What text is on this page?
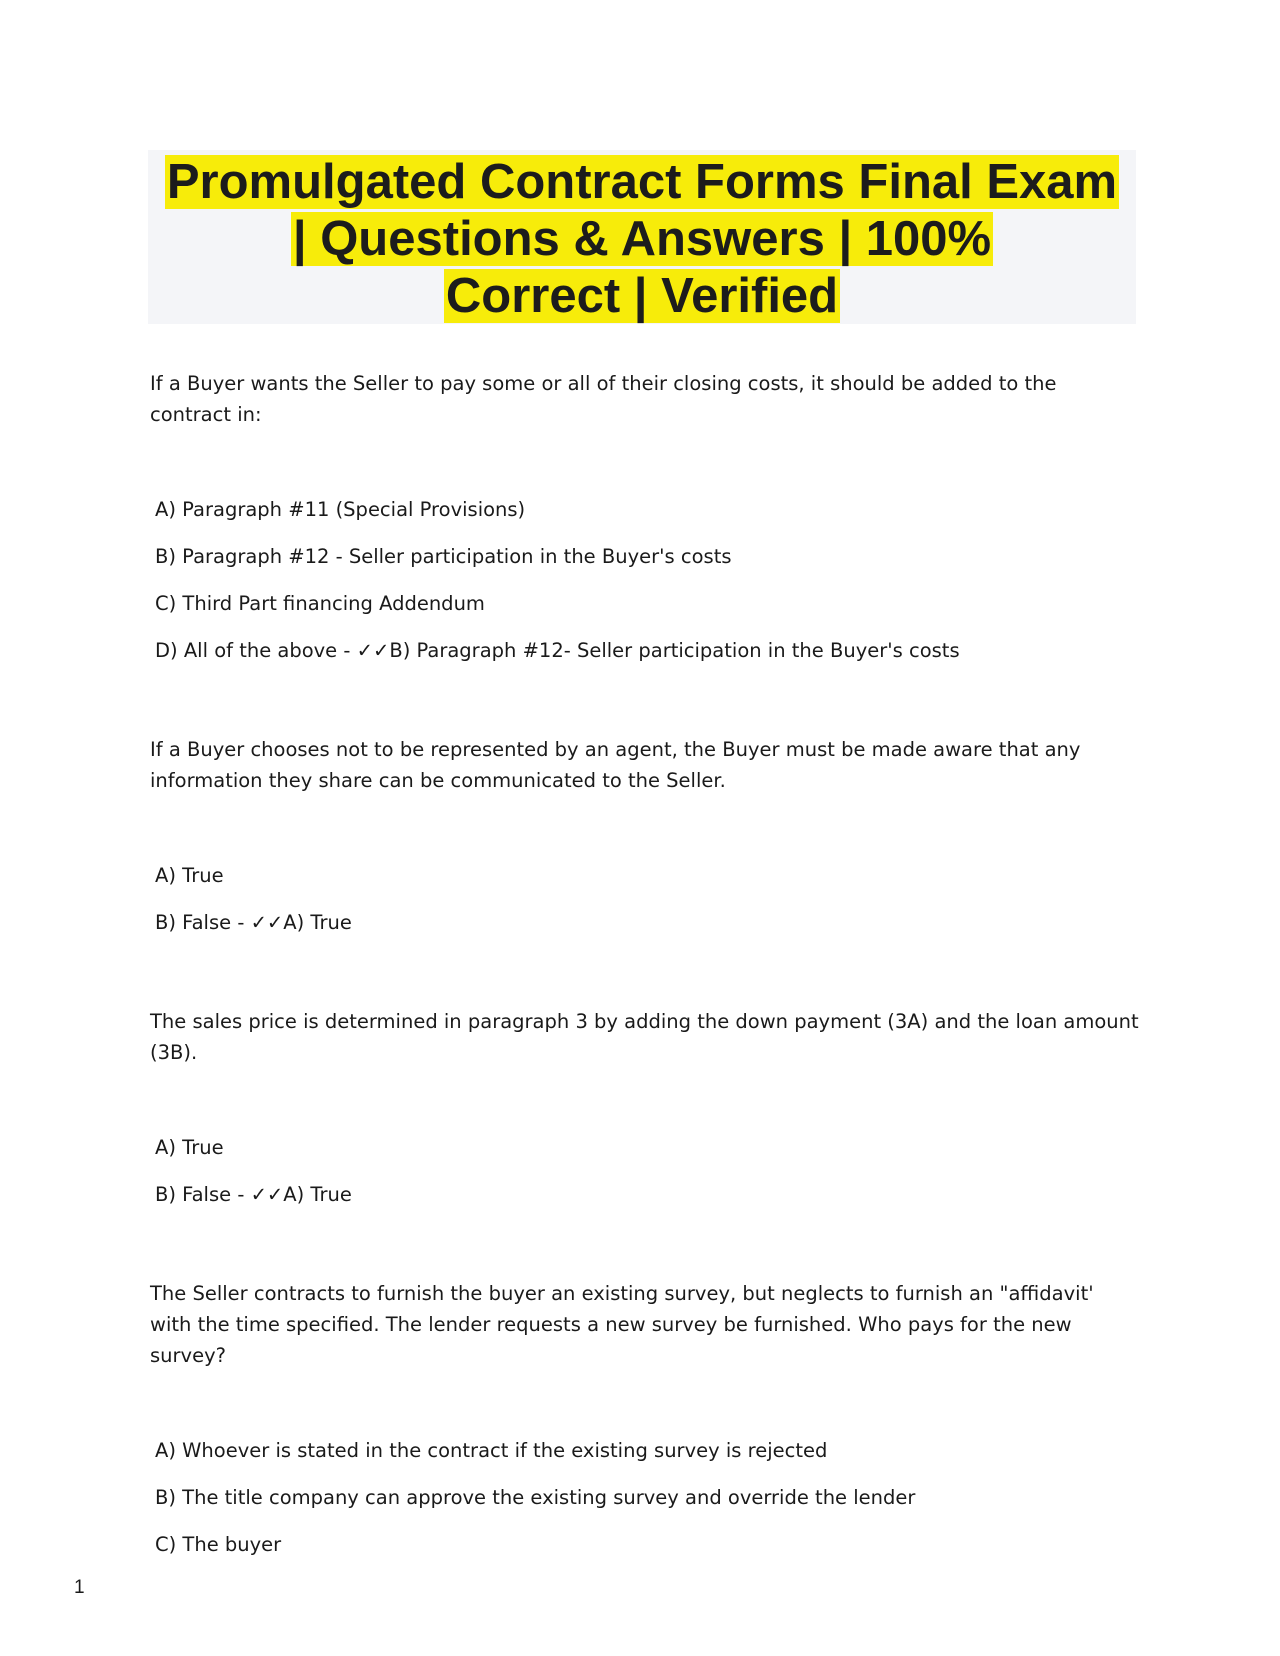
Promulgated Contract Forms Final Exam
| Questions & Answers | 100%
Correct | Verified

If a Buyer wants the Seller to pay some or all of their closing costs, it should be added to the contract in:

A) Paragraph #11 (Special Provisions)

B) Paragraph #12 - Seller participation in the Buyer's costs

C) Third Part financing Addendum

D) All of the above - ✓✓B) Paragraph #12- Seller participation in the Buyer's costs

If a Buyer chooses not to be represented by an agent, the Buyer must be made aware that any information they share can be communicated to the Seller.

A) True

B) False - ✓✓A) True

The sales price is determined in paragraph 3 by adding the down payment (3A) and the loan amount (3B).

A) True

B) False - ✓✓A) True

The Seller contracts to furnish the buyer an existing survey, but neglects to furnish an "affidavit' with the time specified. The lender requests a new survey be furnished. Who pays for the new survey?

A) Whoever is stated in the contract if the existing survey is rejected

B) The title company can approve the existing survey and override the lender

C) The buyer

1
